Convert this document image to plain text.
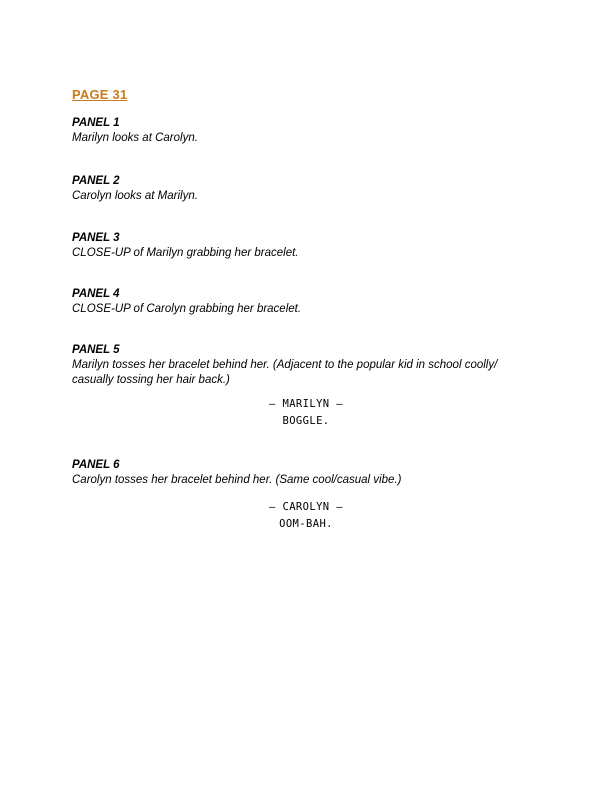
PAGE 31

PANEL 1

Marilyn looks at Carolyn.

PANEL 2

Carolyn looks at Marilyn.

PANEL 3

CLOSE-UP of Marilyn grabbing her bracelet.

PANEL 4

CLOSE-UP of Carolyn grabbing her bracelet.

PANEL 5

Marilyn tosses her bracelet behind her. (Adjacent to the popular kid in school coolly/ casually tossing her hair back.)

— MARILYN —
BOGGLE.

PANEL 6

Carolyn tosses her bracelet behind her. (Same cool/casual vibe.)

— CAROLYN —
OOM-BAH.
